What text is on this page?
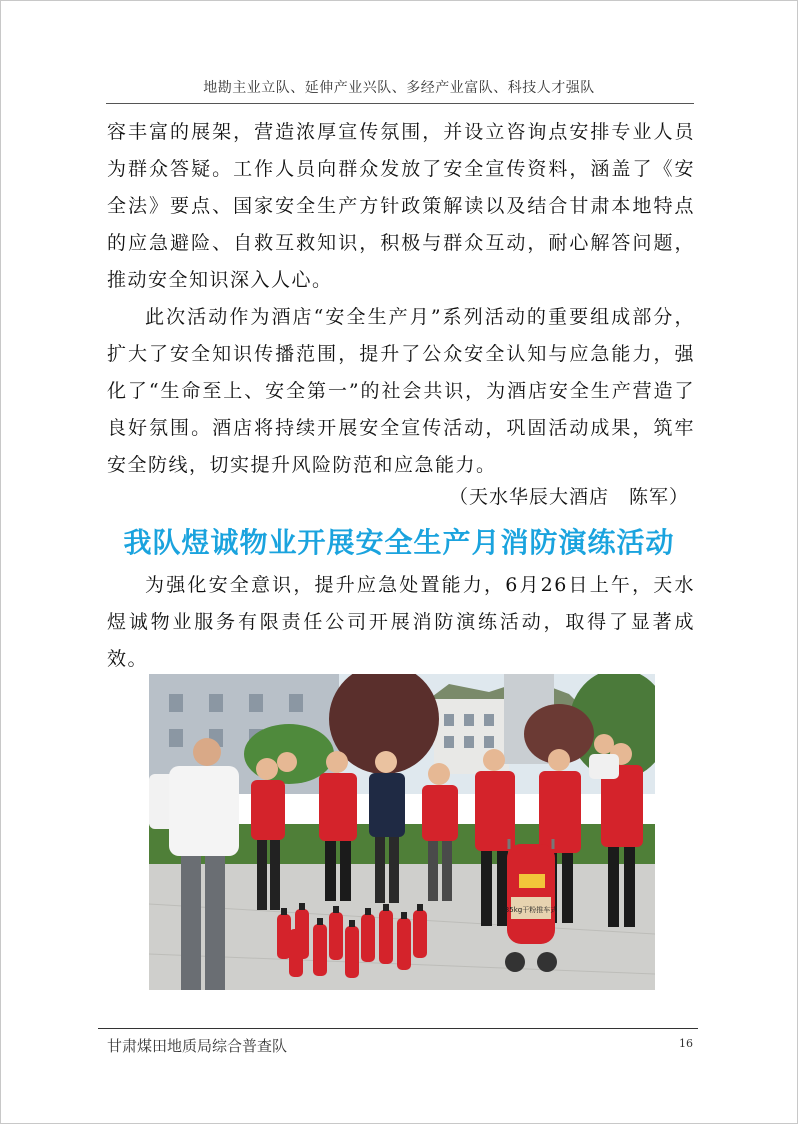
地勘主业立队、延伸产业兴队、多经产业富队、科技人才强队

容丰富的展架，营造浓厚宣传氛围，并设立咨询点安排专业人员为群众答疑。工作人员向群众发放了安全宣传资料，涵盖了《安全法》要点、国家安全生产方针政策解读以及结合甘肃本地特点的应急避险、自救互救知识，积极与群众互动，耐心解答问题，推动安全知识深入人心。

此次活动作为酒店“安全生产月”系列活动的重要组成部分，扩大了安全知识传播范围，提升了公众安全认知与应急能力，强化了“生命至上、安全第一”的社会共识，为酒店安全生产营造了良好氛围。酒店将持续开展安全宣传活动，巩固活动成果，筑牢安全防线，切实提升风险防范和应急能力。

（天水华辰大酒店　陈军）
我队煜诚物业开展安全生产月消防演练活动

为强化安全意识，提升应急处置能力，6月26日上午，天水煜诚物业服务有限责任公司开展消防演练活动，取得了显著成效。

35kg干粉推车式
甘肃煤田地质局综合普查队	16
